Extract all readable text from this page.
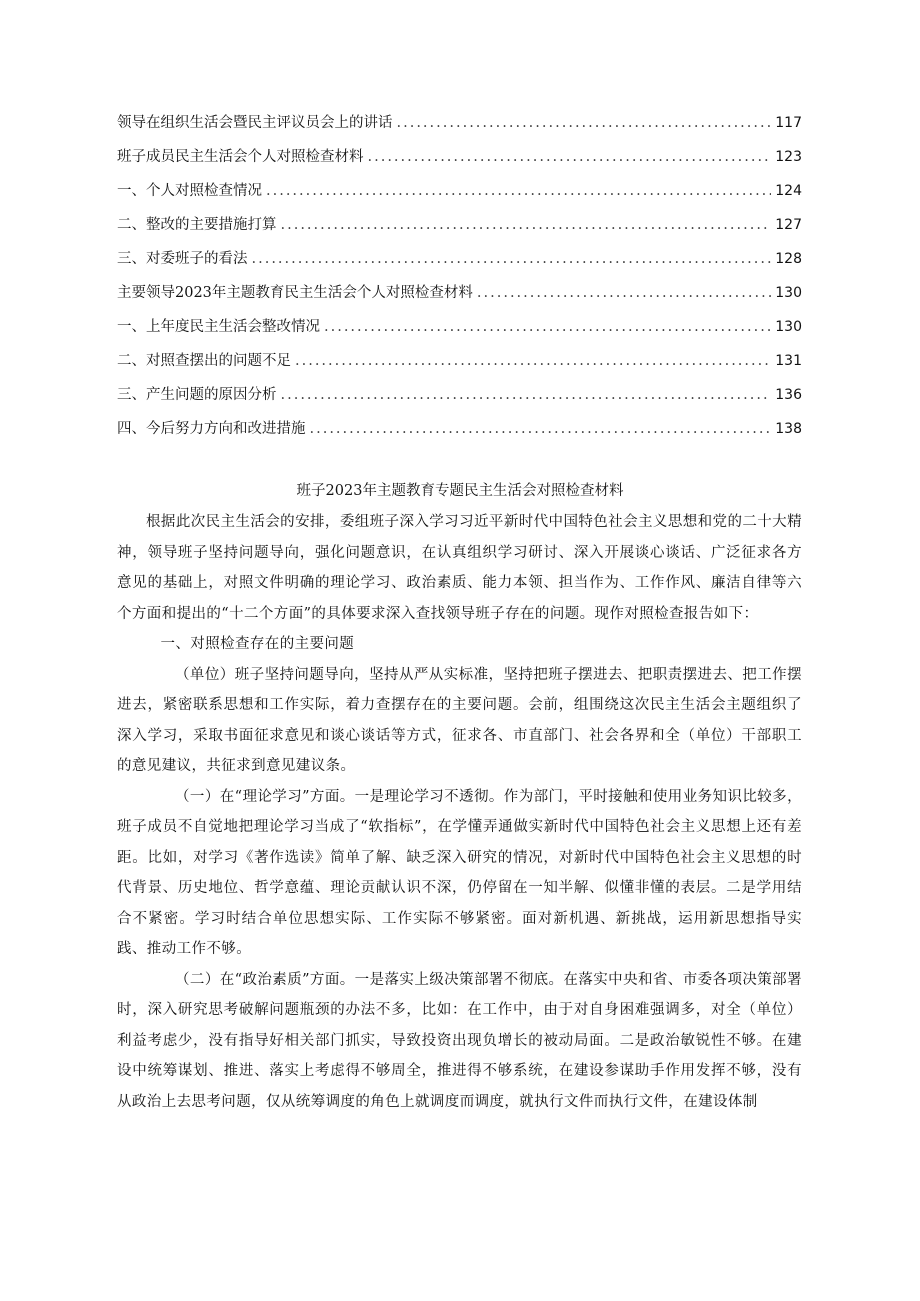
领导在组织生活会暨民主评议员会上的讲话 .....	117
班子成员民主生活会个人对照检查材料 .....	123
一、个人对照检查情况 .....	124
二、整改的主要措施打算 .....	127
三、对委班子的看法 .....	128
主要领导2023年主题教育民主生活会个人对照检查材料 .....	130
一、上年度民主生活会整改情况 .....	130
二、对照查摆出的问题不足 .....	131
三、产生问题的原因分析 .....	136
四、今后努力方向和改进措施 .....	138
班子2023年主题教育专题民主生活会对照检查材料

根据此次民主生活会的安排，委组班子深入学习习近平新时代中国特色社会主义思想和党的二十大精神，领导班子坚持问题导向，强化问题意识，在认真组织学习研讨、深入开展谈心谈话、广泛征求各方意见的基础上，对照文件明确的理论学习、政治素质、能力本领、担当作为、工作作风、廉洁自律等六个方面和提出的“十二个方面”的具体要求深入查找领导班子存在的问题。现作对照检查报告如下：

一、对照检查存在的主要问题

（单位）班子坚持问题导向，坚持从严从实标准，坚持把班子摆进去、把职责摆进去、把工作摆进去，紧密联系思想和工作实际，着力查摆存在的主要问题。会前，组围绕这次民主生活会主题组织了深入学习，采取书面征求意见和谈心谈话等方式，征求各、市直部门、社会各界和全（单位）干部职工的意见建议，共征求到意见建议条。

（一）在“理论学习”方面。一是理论学习不透彻。作为部门，平时接触和使用业务知识比较多，班子成员不自觉地把理论学习当成了“软指标”，在学懂弄通做实新时代中国特色社会主义思想上还有差距。比如，对学习《著作选读》简单了解、缺乏深入研究的情况，对新时代中国特色社会主义思想的时代背景、历史地位、哲学意蕴、理论贡献认识不深，仍停留在一知半解、似懂非懂的表层。二是学用结合不紧密。学习时结合单位思想实际、工作实际不够紧密。面对新机遇、新挑战，运用新思想指导实践、推动工作不够。

（二）在“政治素质”方面。一是落实上级决策部署不彻底。在落实中央和省、市委各项决策部署时，深入研究思考破解问题瓶颈的办法不多，比如：在工作中，由于对自身困难强调多，对全（单位）利益考虑少，没有指导好相关部门抓实，导致投资出现负增长的被动局面。二是政治敏锐性不够。在建设中统筹谋划、推进、落实上考虑得不够周全，推进得不够系统，在建设参谋助手作用发挥不够，没有从政治上去思考问题，仅从统筹调度的角色上就调度而调度，就执行文件而执行文件，在建设体制
